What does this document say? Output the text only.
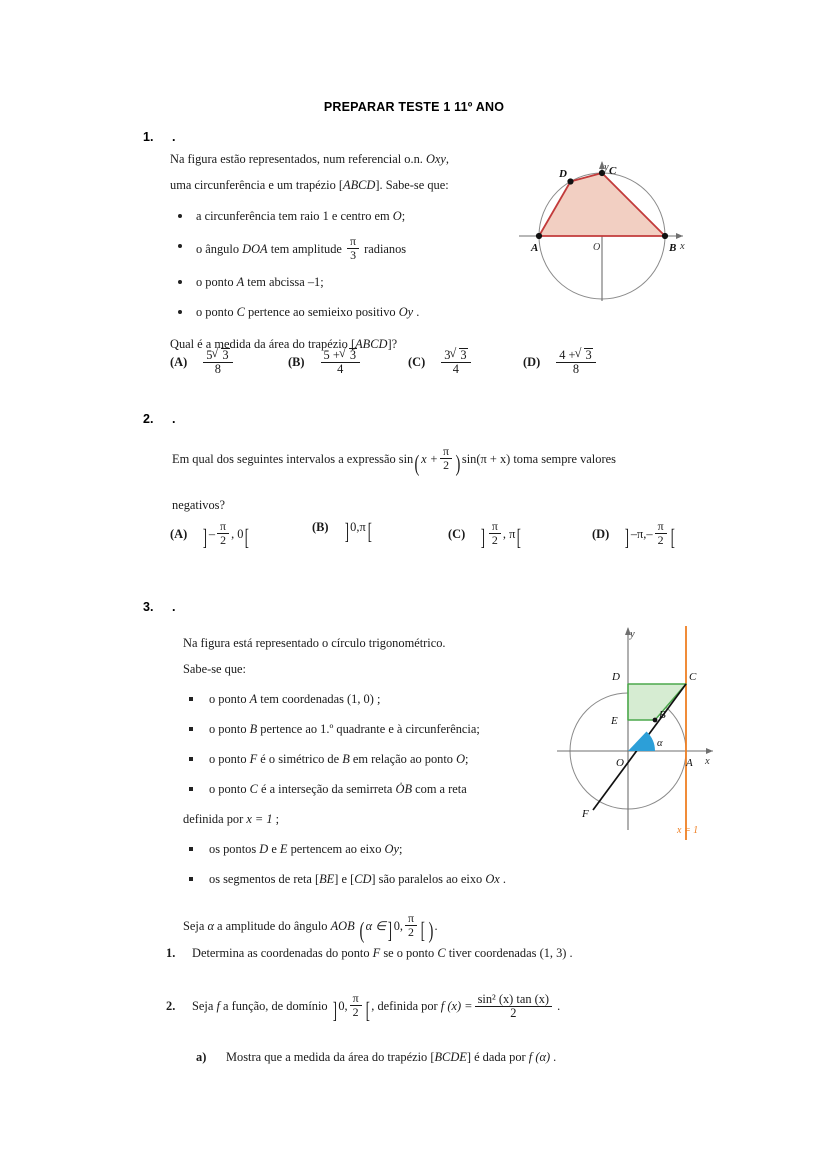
PREPARAR TESTE 1 11º ANO
1. .

Na figura estão representados, num referencial o.n. Oxy,

uma circunferência e um trapézio [ABCD]. Sabe-se que:

a circunferência tem raio 1 e centro em O;
o ângulo DOA tem amplitude $\frac{\pi}{3}$ radianos
o ponto A tem abcissa –1;
o ponto C pertence ao semieixo positivo Oy .

Qual é a medida da área do trapézio [ABCD]?

$(A) \frac{5 √ 3}{8}$	$(B) \frac{5 + √ 3}{4}$	$(C) \frac{3 √ 3}{4}$	$(D) \frac{4 + √ 3}{8}$
A	B
C
D
O
y
x
2. .

Em qual dos seguintes intervalos a expressão $\sin(x + \frac{\pi}{2} )\sin(\pi + x)$ toma sempre valores

negativos?

(A) ] – $\frac{\pi}{2}$ , 0[	(B) ] 0,π[	(C) ] $\frac{\pi}{2}$ , π[	(D) ] $-\pi,- \frac{\pi}{2}$ [
3. .

Na figura está representado o círculo trigonométrico.

Sabe-se que:

o ponto A tem coordenadas (1, 0) ;
o ponto B pertence ao 1.º quadrante e à circunferência;
o ponto F é o simétrico de B em relação ao ponto O;
o ponto C é a interseção da semirreta ȮB com a reta
definida por x = 1 ;
os pontos D e E pertencem ao eixo Oy;
os segmentos de reta [BE] e [CD] são paralelos ao eixo Ox .

Seja α a amplitude do ângulo AOB (α ∈] 0, $\frac{\pi}{2}$ [ ).

D	C
E	B
A
O
F
α
y
x
x = 1
1. Determina as coordenadas do ponto F se o ponto C tiver coordenadas (1, 3) .
2. Seja f a função, de domínio ] 0, $\frac{\pi}{2}$ [ , definida por f $(x) = \frac{\text{sin² (x) tan (x)}}{2}$ .
a) Mostra que a medida da área do trapézio [BCDE] é dada por f (α) .
